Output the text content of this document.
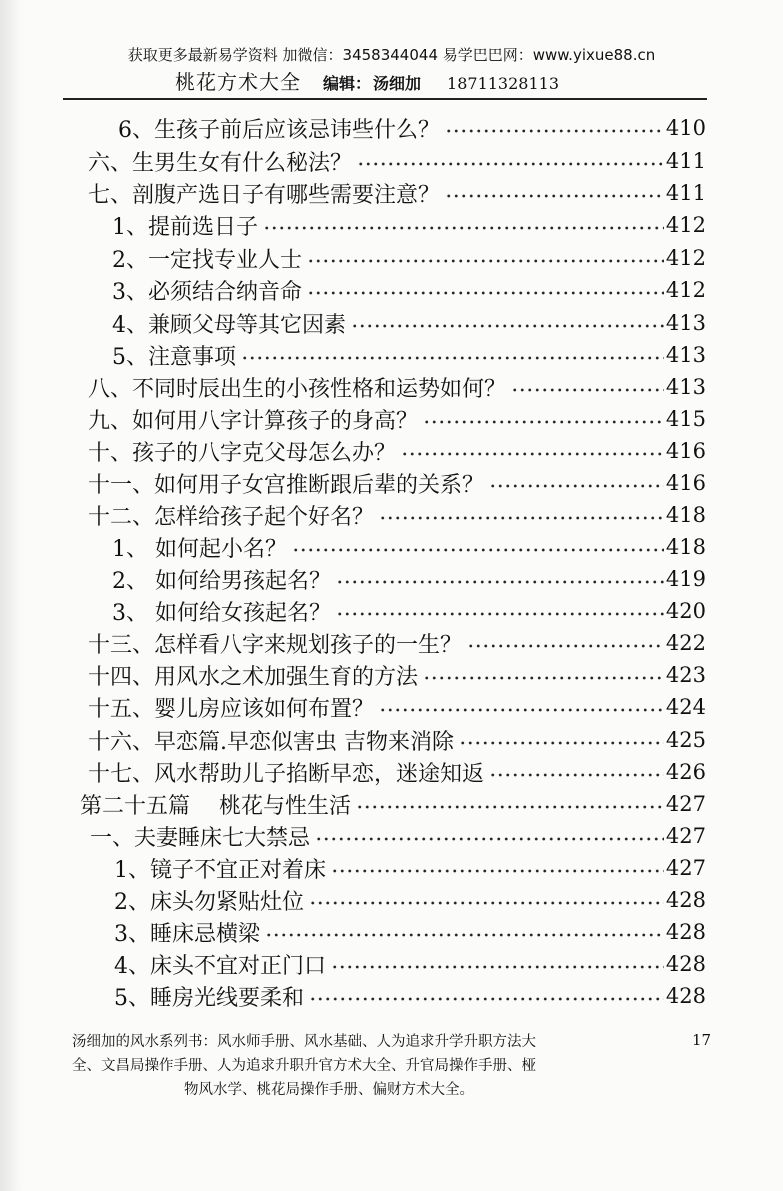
获取更多最新易学资料 加微信：3458344044 易学巴巴网：www.yixue88.cn
桃花方术大全 编辑： 汤细加 18711328113
6、生孩子前后应该忌讳些什么？	410
六、生男生女有什么秘法？	411
七、剖腹产选日子有哪些需要注意？	411
1、提前选日子	412
2、一定找专业人士	412
3、必须结合纳音命	412
4、兼顾父母等其它因素	413
5、注意事项	413
八、不同时辰出生的小孩性格和运势如何？	413
九、如何用八字计算孩子的身高？	415
十、孩子的八字克父母怎么办？	416
十一、如何用子女宫推断跟后辈的关系？	416
十二、怎样给孩子起个好名？	418
1、 如何起小名？	418
2、 如何给男孩起名？	419
3、 如何给女孩起名？	420
十三、怎样看八字来规划孩子的一生？	422
十四、用风水之术加强生育的方法	423
十五、婴儿房应该如何布置？	424
十六、早恋篇.早恋似害虫 吉物来消除	425
十七、风水帮助儿子掐断早恋，迷途知返	426
第二十五篇　 桃花与性生活	427
一、夫妻睡床七大禁忌	427
1、镜子不宜正对着床	427
2、床头勿紧贴灶位	428
3、睡床忌横梁	428
4、床头不宜对正门口	428
5、睡房光线要柔和	428
汤细加的风水系列书：风水师手册、风水基础、人为追求升学升职方法大	17
全、文昌局操作手册、人为追求升职升官方术大全、升官局操作手册、桠
物风水学、桃花局操作手册、偏财方术大全。
